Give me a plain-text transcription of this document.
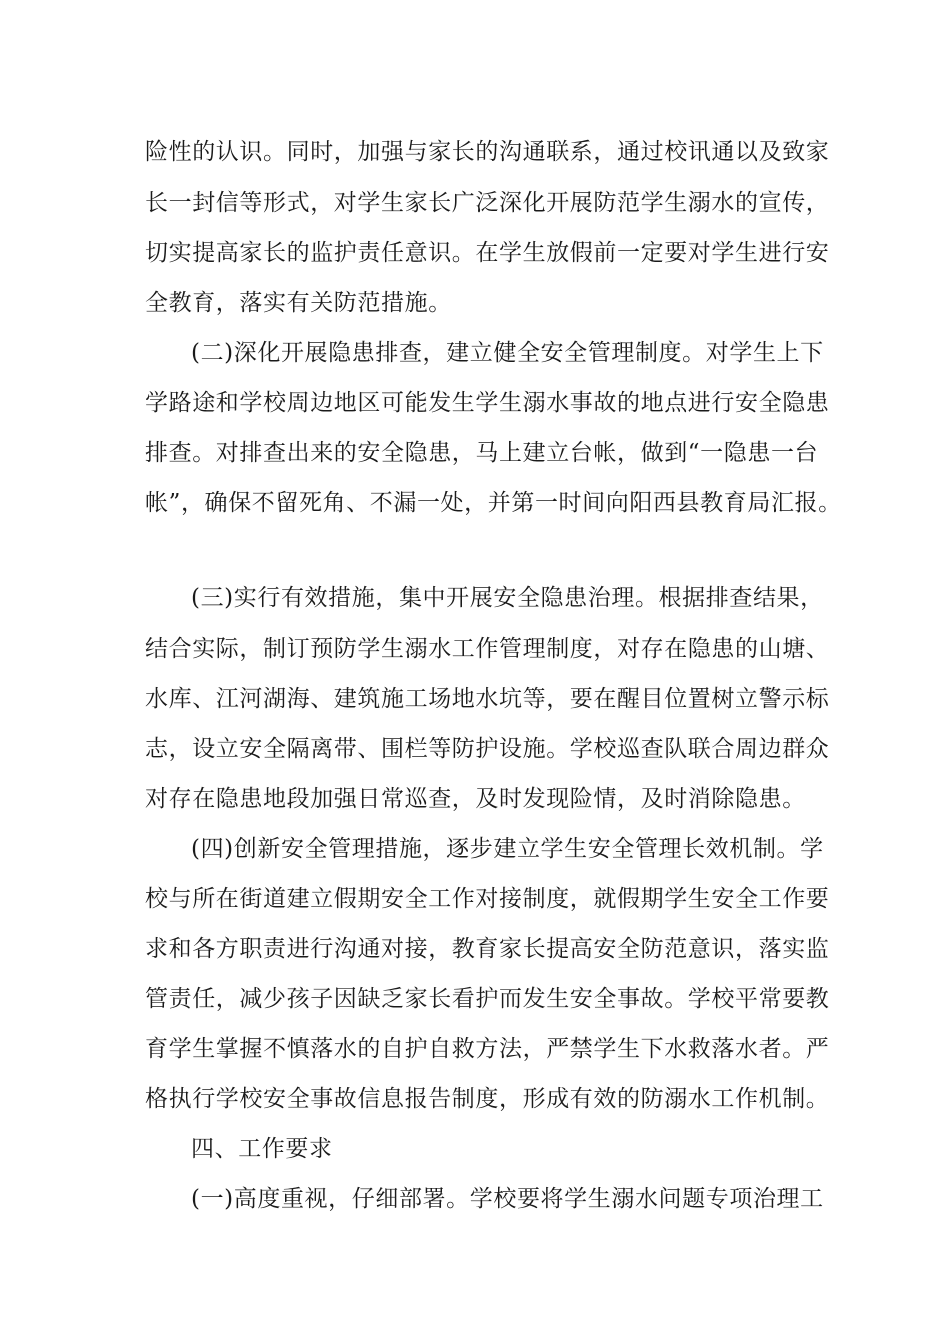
险性的认识。同时，加强与家长的沟通联系，通过校讯通以及致家
长一封信等形式，对学生家长广泛深化开展防范学生溺水的宣传，
切实提高家长的监护责任意识。在学生放假前一定要对学生进行安
全教育，落实有关防范措施。
(二)深化开展隐患排查，建立健全安全管理制度。对学生上下
学路途和学校周边地区可能发生学生溺水事故的地点进行安全隐患
排查。对排查出来的安全隐患，马上建立台帐，做到“一隐患一台
帐”，确保不留死角、不漏一处，并第一时间向阳西县教育局汇报。
(三)实行有效措施，集中开展安全隐患治理。根据排查结果，
结合实际，制订预防学生溺水工作管理制度，对存在隐患的山塘、
水库、江河湖海、建筑施工场地水坑等，要在醒目位置树立警示标
志，设立安全隔离带、围栏等防护设施。学校巡查队联合周边群众
对存在隐患地段加强日常巡查，及时发现险情，及时消除隐患。
(四)创新安全管理措施，逐步建立学生安全管理长效机制。学
校与所在街道建立假期安全工作对接制度，就假期学生安全工作要
求和各方职责进行沟通对接，教育家长提高安全防范意识，落实监
管责任，减少孩子因缺乏家长看护而发生安全事故。学校平常要教
育学生掌握不慎落水的自护自救方法，严禁学生下水救落水者。严
格执行学校安全事故信息报告制度，形成有效的防溺水工作机制。
四、工作要求
(一)高度重视，仔细部署。学校要将学生溺水问题专项治理工
